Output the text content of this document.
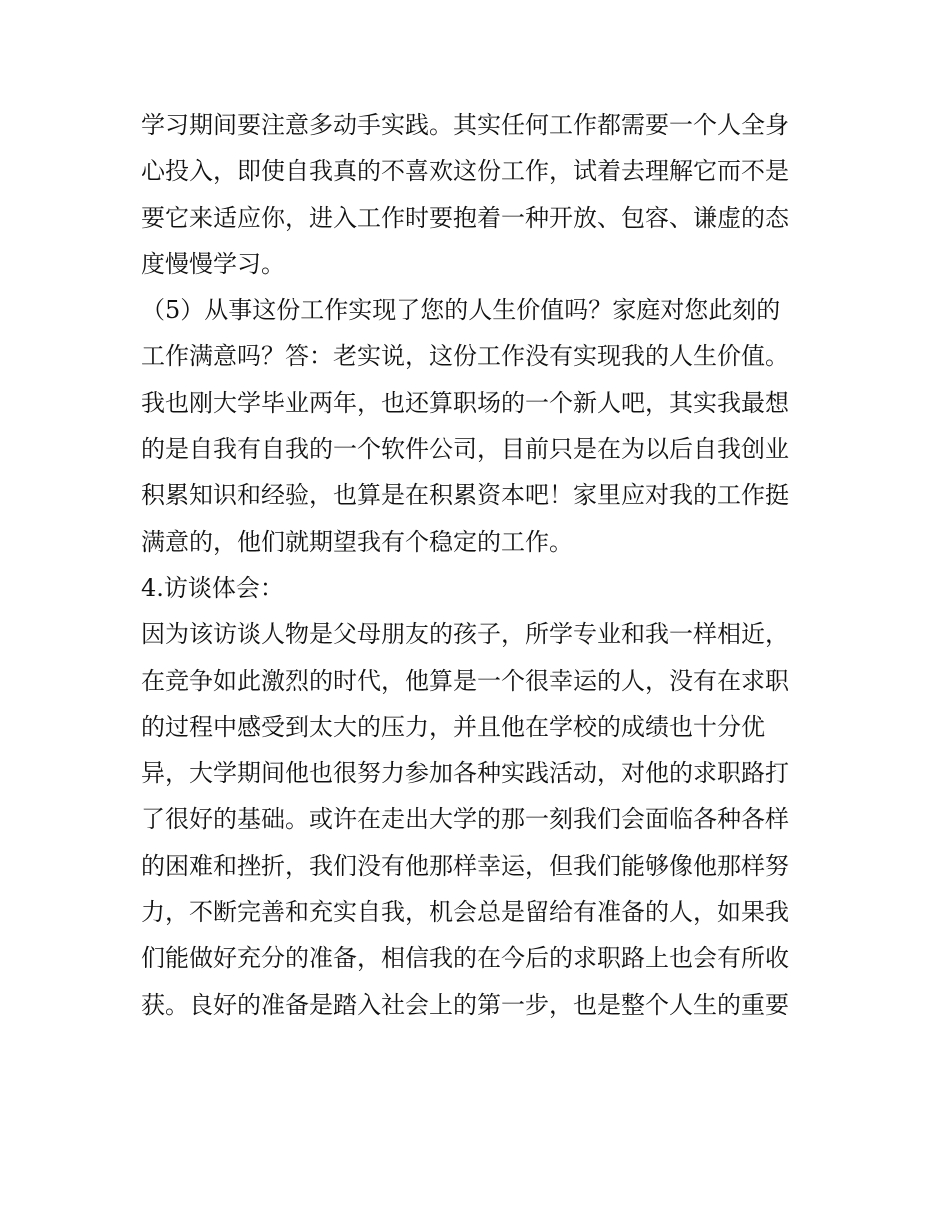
学习期间要注意多动手实践。其实任何工作都需要一个人全身
心投入，即使自我真的不喜欢这份工作，试着去理解它而不是
要它来适应你，进入工作时要抱着一种开放、包容、谦虚的态
度慢慢学习。
（5）从事这份工作实现了您的人生价值吗？家庭对您此刻的
工作满意吗？答：老实说，这份工作没有实现我的人生价值。
我也刚大学毕业两年，也还算职场的一个新人吧，其实我最想
的是自我有自我的一个软件公司，目前只是在为以后自我创业
积累知识和经验，也算是在积累资本吧！家里应对我的工作挺
满意的，他们就期望我有个稳定的工作。
4.访谈体会：
因为该访谈人物是父母朋友的孩子，所学专业和我一样相近，
在竞争如此激烈的时代，他算是一个很幸运的人，没有在求职
的过程中感受到太大的压力，并且他在学校的成绩也十分优
异，大学期间他也很努力参加各种实践活动，对他的求职路打
了很好的基础。或许在走出大学的那一刻我们会面临各种各样
的困难和挫折，我们没有他那样幸运，但我们能够像他那样努
力，不断完善和充实自我，机会总是留给有准备的人，如果我
们能做好充分的准备，相信我的在今后的求职路上也会有所收
获。良好的准备是踏入社会上的第一步，也是整个人生的重要
